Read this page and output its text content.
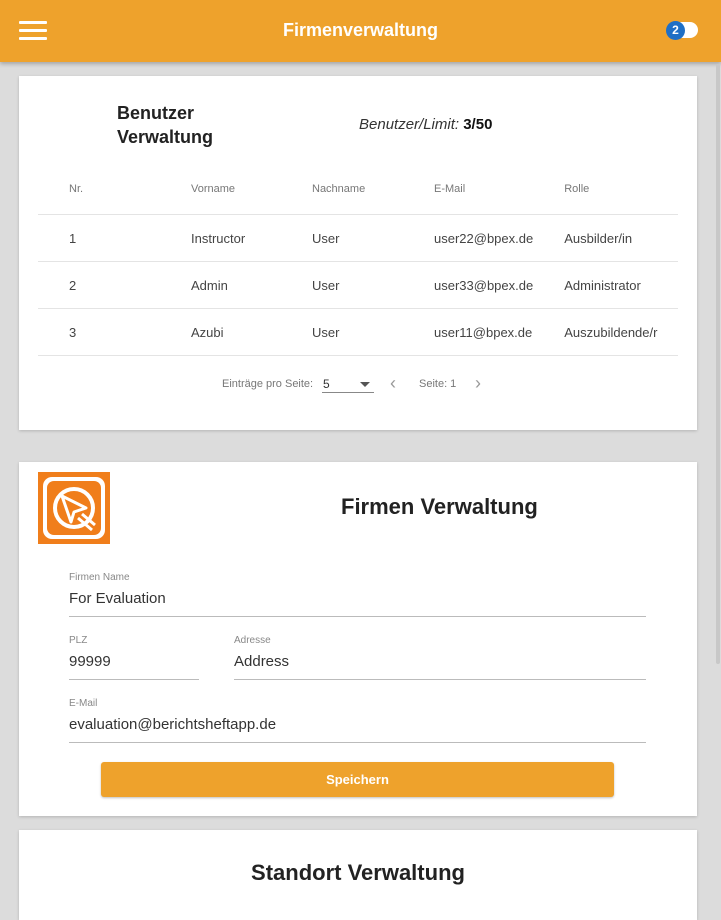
Firmenverwaltung	2
Benutzer Verwaltung
Benutzer/Limit: 3/50
Nr.	Vorname	Nachname	E-Mail	Rolle
1	Instructor	User	user22@bpex.de	Ausbilder/in
2	Admin	User	user33@bpex.de	Administrator
3	Azubi	User	user11@bpex.de	Auszubildende/r
Einträge pro Seite: 5	‹ Seite: 1 ›
Firmen Verwaltung
Firmen Name
For Evaluation
PLZ
99999
Adresse
Address
E-Mail
evaluation@berichtsheftapp.de
Speichern
Standort Verwaltung
